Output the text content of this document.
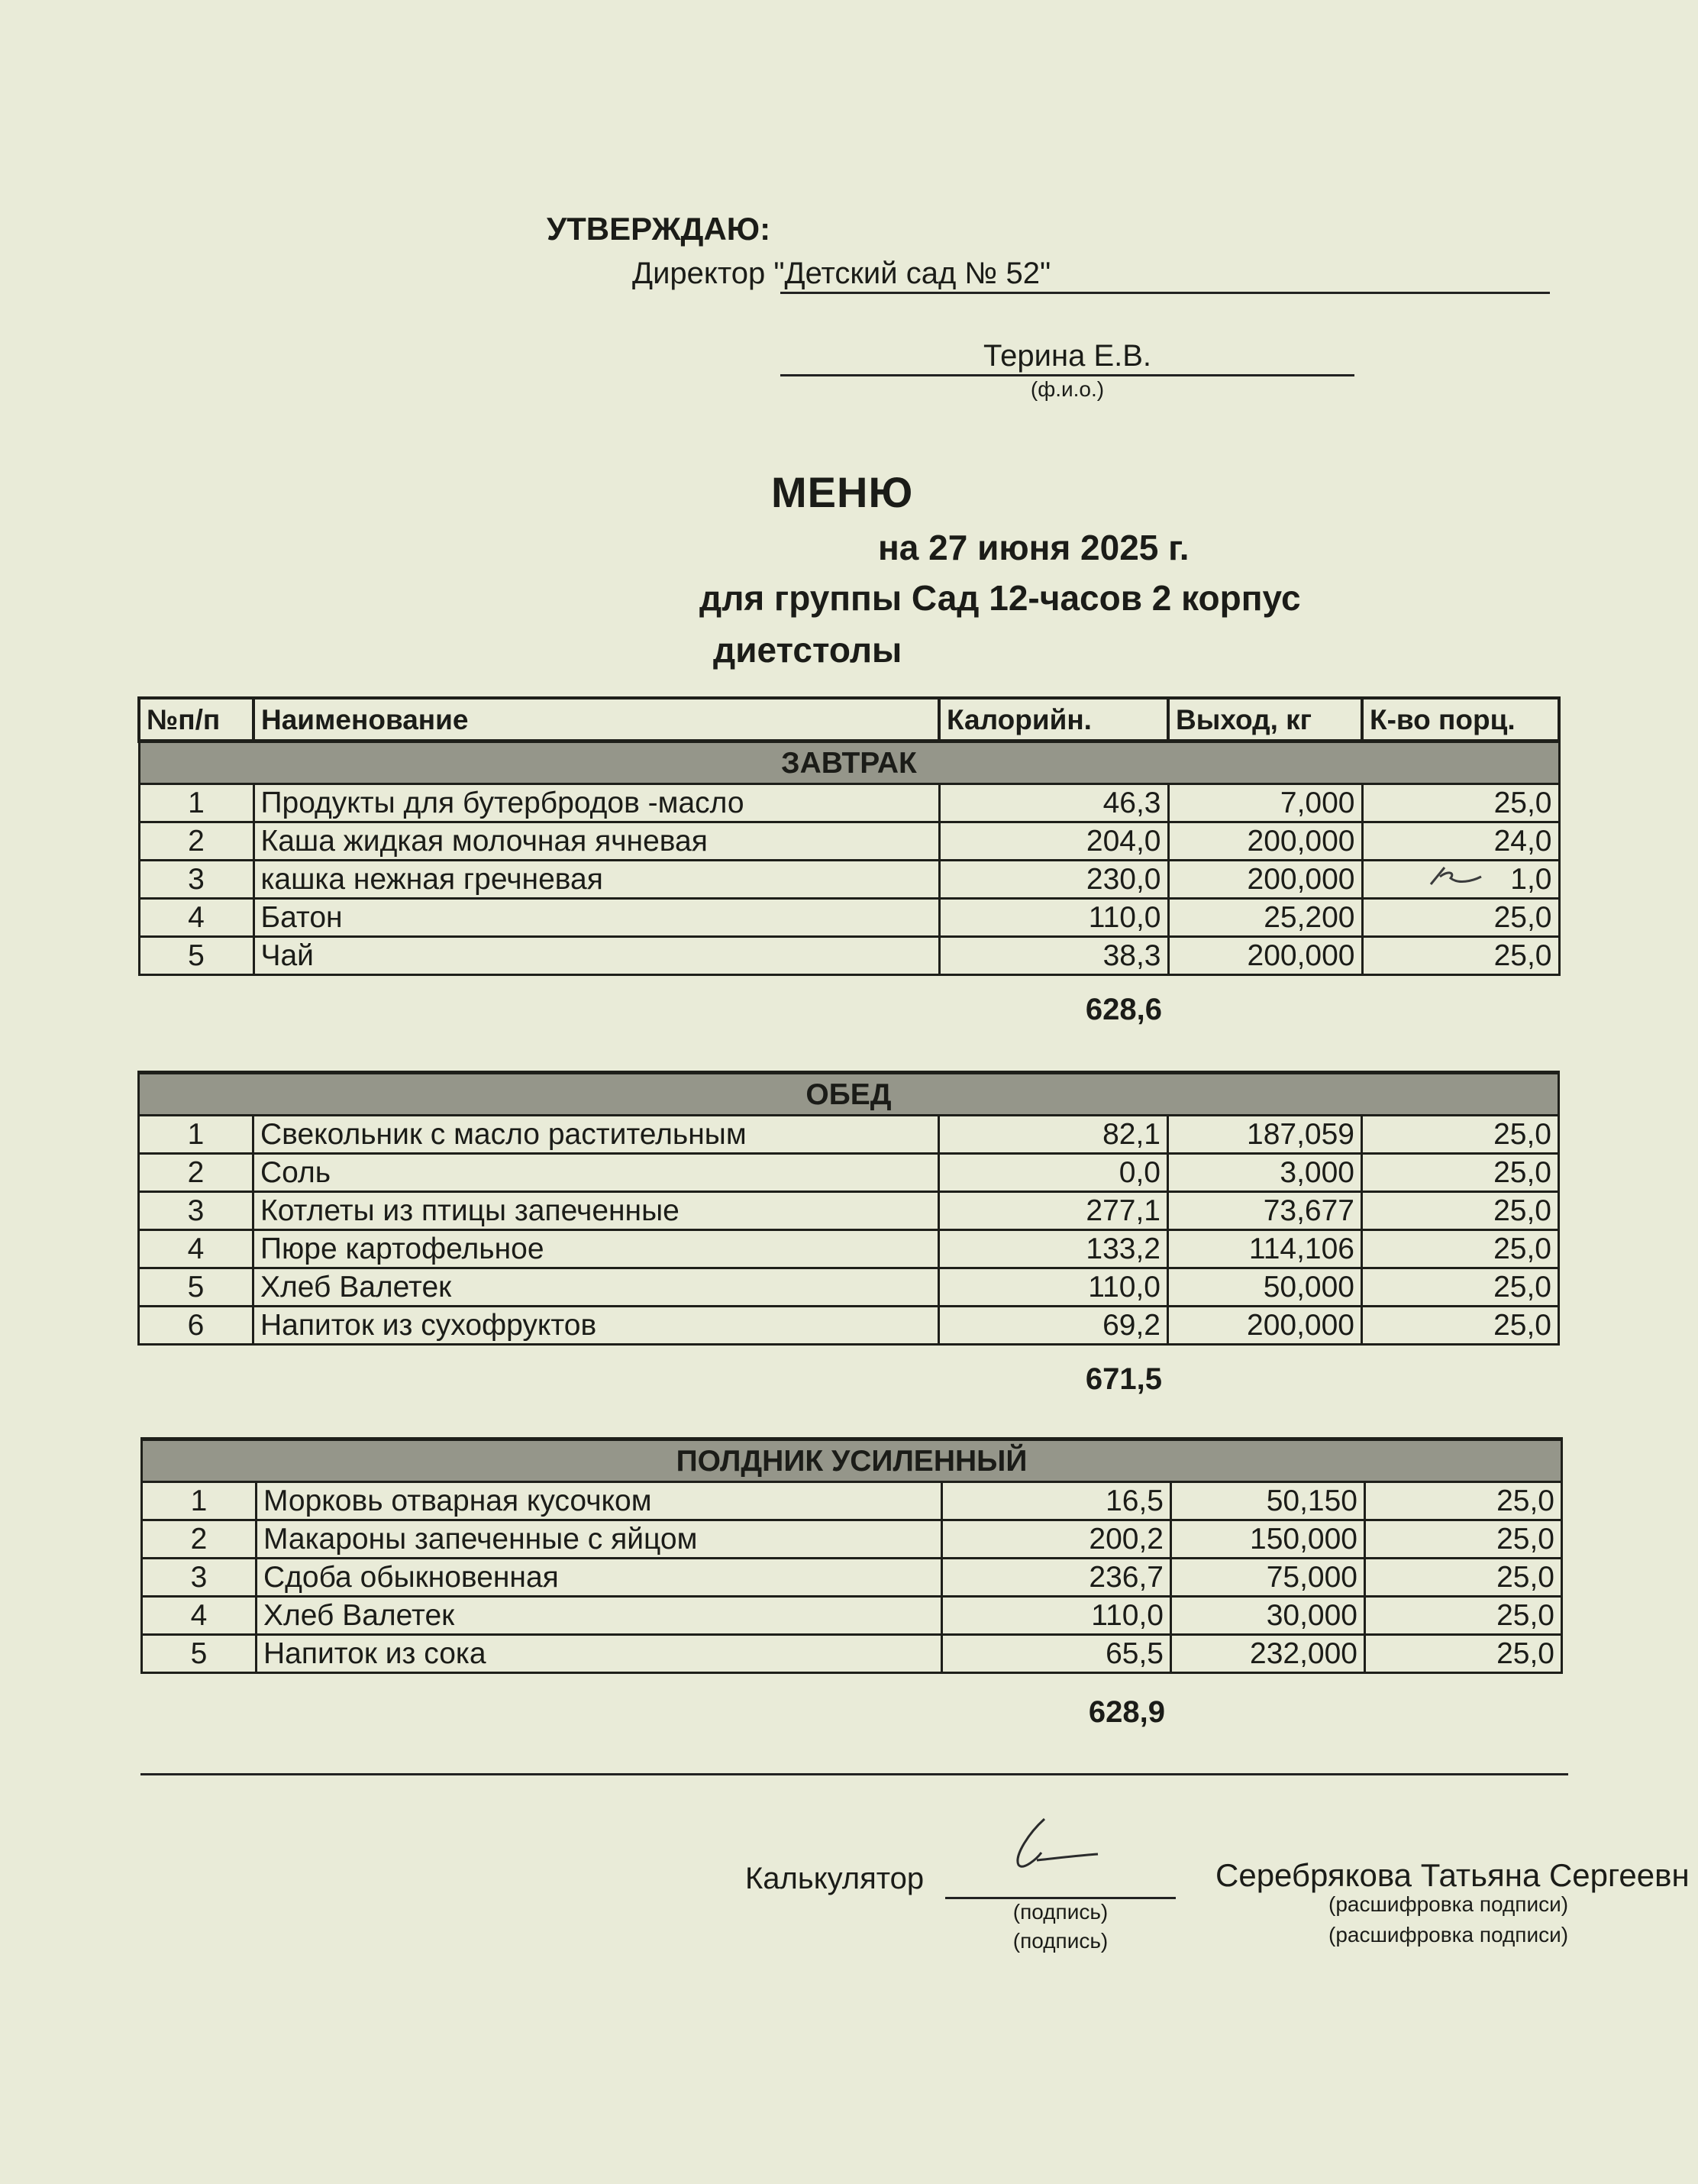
УТВЕРЖДАЮ:
Директор "Детский сад № 52"
Терина Е.В.
(ф.и.о.)
МЕНЮ
на 27 июня 2025 г.
для группы Сад 12-часов 2 корпус
диетстолы
№п/п	Наименование	Калорийн.	Выход, кг	К-во порц.
ЗАВТРАК				
1	Продукты для бутербродов -масло	46,3	7,000	25,0
2	Каша жидкая молочная ячневая	204,0	200,000	24,0
3	кашка нежная гречневая	230,0	200,000	1,0
4	Батон	110,0	25,200	25,0
5	Чай	38,3	200,000	25,0
628,6
ОБЕД				
1	Свекольник с масло растительным	82,1	187,059	25,0
2	Соль	0,0	3,000	25,0
3	Котлеты из птицы запеченные	277,1	73,677	25,0
4	Пюре картофельное	133,2	114,106	25,0
5	Хлеб Валетек	110,0	50,000	25,0
6	Напиток из сухофруктов	69,2	200,000	25,0
671,5
ПОЛДНИК УСИЛЕННЫЙ				
1	Морковь отварная кусочком	16,5	50,150	25,0
2	Макароны запеченные с яйцом	200,2	150,000	25,0
3	Сдоба обыкновенная	236,7	75,000	25,0
4	Хлеб Валетек	110,0	30,000	25,0
5	Напиток из сока	65,5	232,000	25,0
628,9
Калькулятор
(подпись)
(подпись)
Серебрякова Татьяна Сергеевн
(расшифровка подписи)
(расшифровка подписи)
